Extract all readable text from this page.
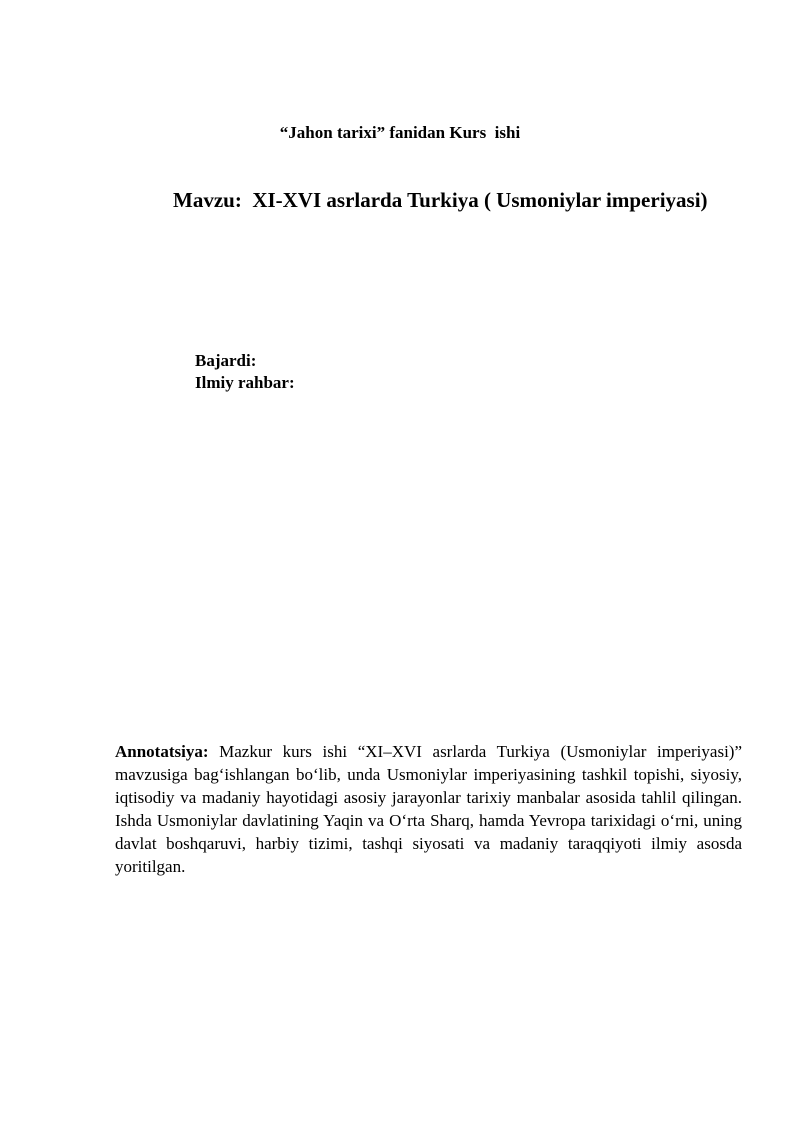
“Jahon tarixi” fanidan Kurs  ishi

Mavzu:  XI-XVI asrlarda Turkiya ( Usmoniylar imperiyasi)

Bajardi:
Ilmiy rahbar:

Annotatsiya: Mazkur kurs ishi “XI–XVI asrlarda Turkiya (Usmoniylar imperiyasi)” mavzusiga bag‘ishlangan bo‘lib, unda Usmoniylar imperiyasining tashkil topishi, siyosiy, iqtisodiy va madaniy hayotidagi asosiy jarayonlar tarixiy manbalar asosida tahlil qilingan. Ishda Usmoniylar davlatining Yaqin va O‘rta Sharq, hamda Yevropa tarixidagi o‘rni, uning davlat boshqaruvi, harbiy tizimi, tashqi siyosati va madaniy taraqqiyoti ilmiy asosda yoritilgan.
